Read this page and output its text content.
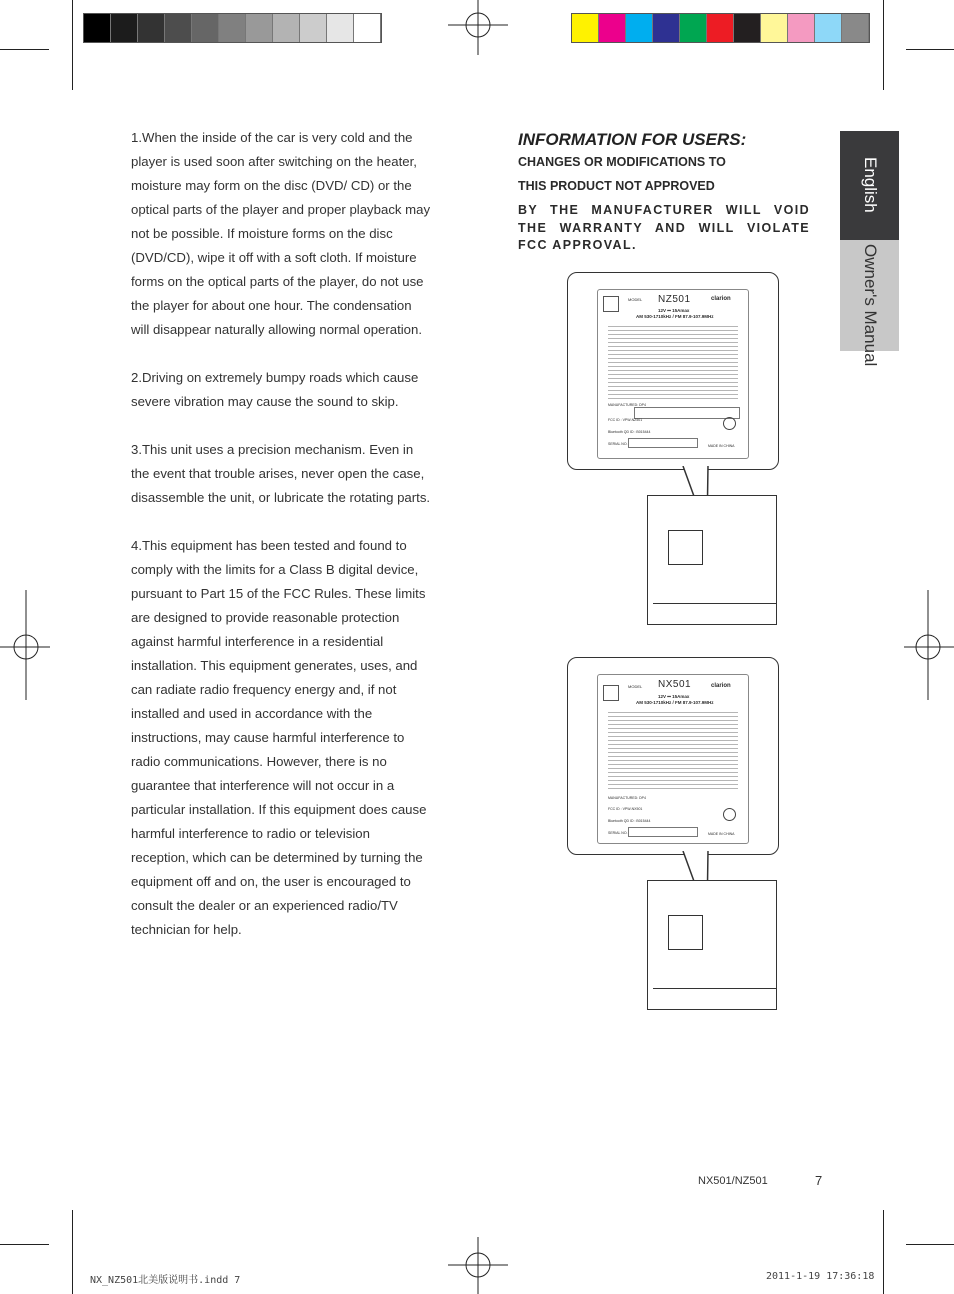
1.When the inside of the car is very cold and the player is used soon after switching on the heater, moisture may form on the disc (DVD/ CD) or the optical parts of the player and proper playback may not be possible. If moisture forms on the disc (DVD/CD), wipe it off with a soft cloth. If moisture forms on the optical parts of the player, do not use the player for about one hour. The condensation will disappear naturally allowing normal operation.

2.Driving on extremely bumpy roads which cause severe vibration may cause the sound to skip.

3.This unit uses a precision mechanism. Even in the event that trouble arises, never open the case, disassemble the unit, or lubricate the rotating parts.

4.This equipment has been tested and found to comply with the limits for a Class B digital device, pursuant to Part 15 of the FCC Rules. These limits are designed to provide reasonable protection against harmful interference in a residential installation. This equipment generates, uses, and can radiate radio frequency energy and, if not installed and used in accordance with the instructions, may cause harmful interference to radio communications. However, there is no guarantee that interference will not occur in a particular installation. If this equipment does cause harmful interference to radio or television reception, which can be determined by turning the equipment off and on, the user is encouraged to consult the dealer or an experienced radio/TV technician for help.

INFORMATION FOR USERS:
CHANGES OR MODIFICATIONS TO
THIS PRODUCT NOT APPROVED
BY THE MANUFACTURER WILL VOID THE WARRANTY AND WILL VIOLATE FCC APPROVAL.
MODEL NZ501	clarion
12V ⎓ 15Amax
AM 530-1710kHz / FM 87.9-107.9MHz
MANUFACTURED: DP4
FCC ID : VPW-NZ501
Bluetooth QD ID : B015444
SERIAL NO.	MADE IN CHINA
MODEL NX501	clarion
12V ⎓ 15Amax
AM 530-1710kHz / FM 87.9-107.9MHz
MANUFACTURED: DP4
FCC ID : VPW-NX501
Bluetooth QD ID : B015444
SERIAL NO.	MADE IN CHINA
English
Owner's Manual
NX501/NZ501	7
NX_NZ501北美版说明书.indd 7	2011-1-19 17:36:18
